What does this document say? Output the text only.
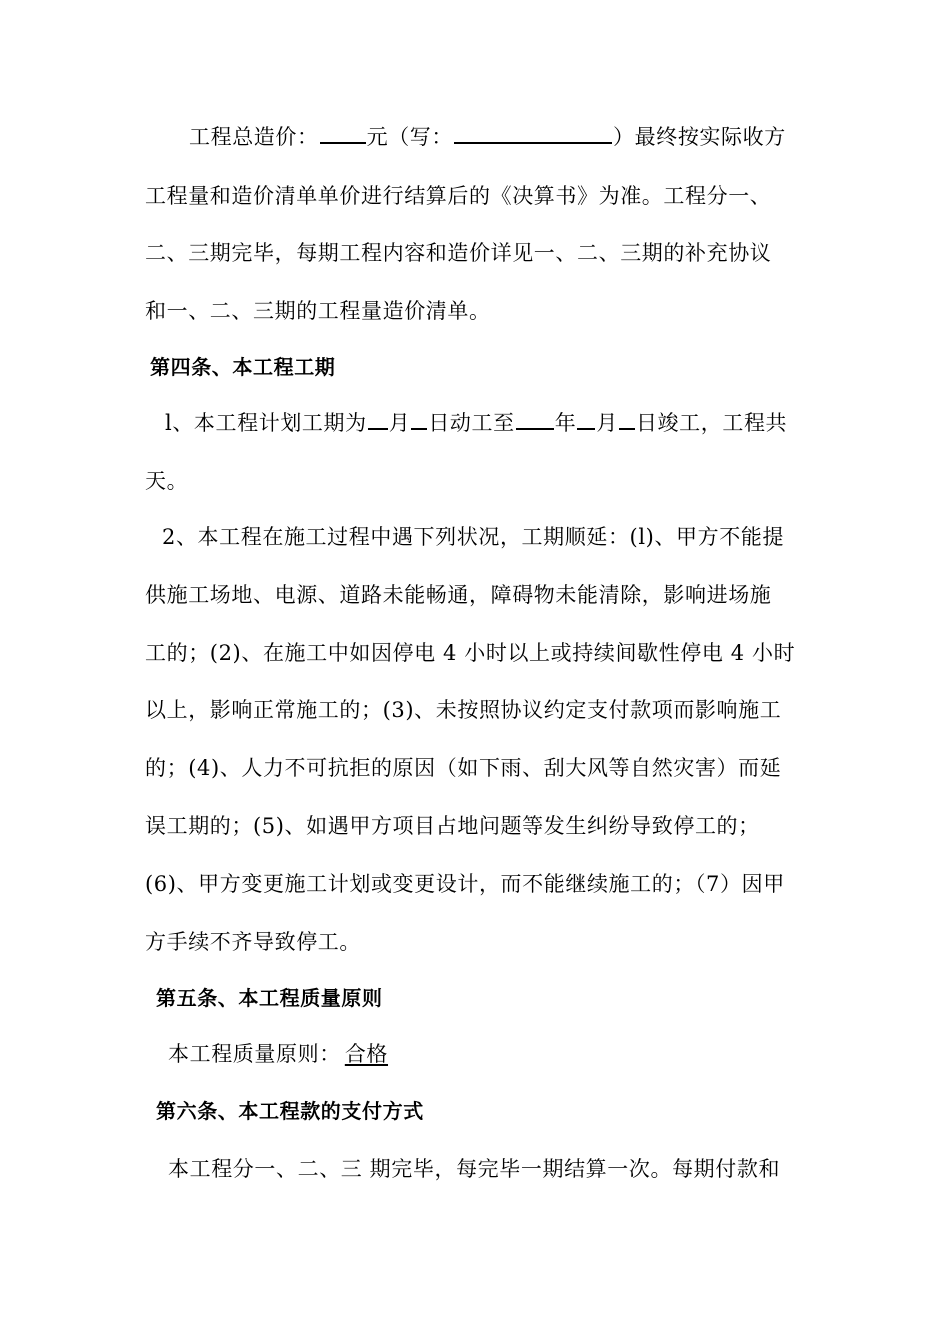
工程总造价： 元（写：	）最终按实际收方
工程量和造价清单单价进行结算后的《决算书》为准。工程分一、
二、三期完毕，每期工程内容和造价详见一、二、三期的补充协议
和一、二、三期的工程量造价清单。
第四条、本工程工期
l、本工程计划工期为 月 日动工至 年 月 日竣工，工程共
天。
2、本工程在施工过程中遇下列状况，工期顺延：(l)、甲方不能提
供施工场地、电源、道路未能畅通，障碍物未能清除，影响进场施
工的；(2)、在施工中如因停电 4 小时以上或持续间歇性停电 4 小时
以上，影响正常施工的；(3)、未按照协议约定支付款项而影响施工
的；(4)、人力不可抗拒的原因（如下雨、刮大风等自然灾害）而延
误工期的；(5)、如遇甲方项目占地问题等发生纠纷导致停工的；
(6)、甲方变更施工计划或变更设计，而不能继续施工的；（7）因甲
方手续不齐导致停工。
第五条、本工程质量原则
本工程质量原则： 合格
第六条、本工程款的支付方式
本工程分一、二、三 期完毕，每完毕一期结算一次。每期付款和
